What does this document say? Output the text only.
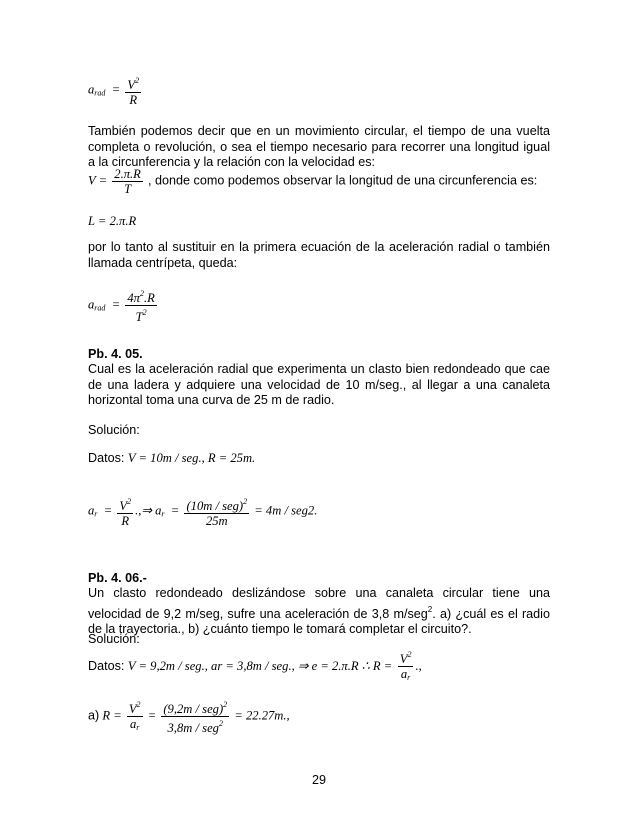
$a_{rad} = \frac{V^2}{R}$

También podemos decir que en un movimiento circular, el tiempo de una vuelta completa o revolución, o sea el tiempo necesario para recorrer una longitud igual a la circunferencia y la relación con la velocidad es:

$V = \frac{2.\pi.R}{T}$ , donde como podemos observar la longitud de una circunferencia es:
L = 2.π.R

por lo tanto al sustituir en la primera ecuación de la aceleración radial o también llamada centrípeta, queda:

$a_{rad} = \frac{4\pi^2.R}{T^2}$

Pb. 4. 05.

Cual es la aceleración radial que experimenta un clasto bien redondeado que cae de una ladera y adquiere una velocidad de 10 m/seg., al llegar a una canaleta horizontal toma una curva de 25 m de radio.

Solución:

Datos: V = 10m / seg., R = 25m.
$a_r = \frac{V^2}{R}$ .,⇒ $a_r = \frac{(10m / seg)^2}{25m} = 4m / seg2$.

Pb. 4. 06.-

Un clasto redondeado deslizándose sobre una canaleta circular tiene una velocidad de 9,2 m/seg, sufre una aceleración de 3,8 m/seg$^2$. a) ¿cuál es el radio de la trayectoria., b) ¿cuánto tiempo le tomará completar el circuito?.

Solución:

Datos: V = 9,2m / seg., ar = 3,8m / seg., ⇒ e = 2.π.R ∴ $R = \frac{V^2}{a_r}$ .,
a) $R = \frac{V^2}{a_r} = \frac{(9,2m / seg)^2}{3,8m / seg^2} = 22.27m$.,
29
